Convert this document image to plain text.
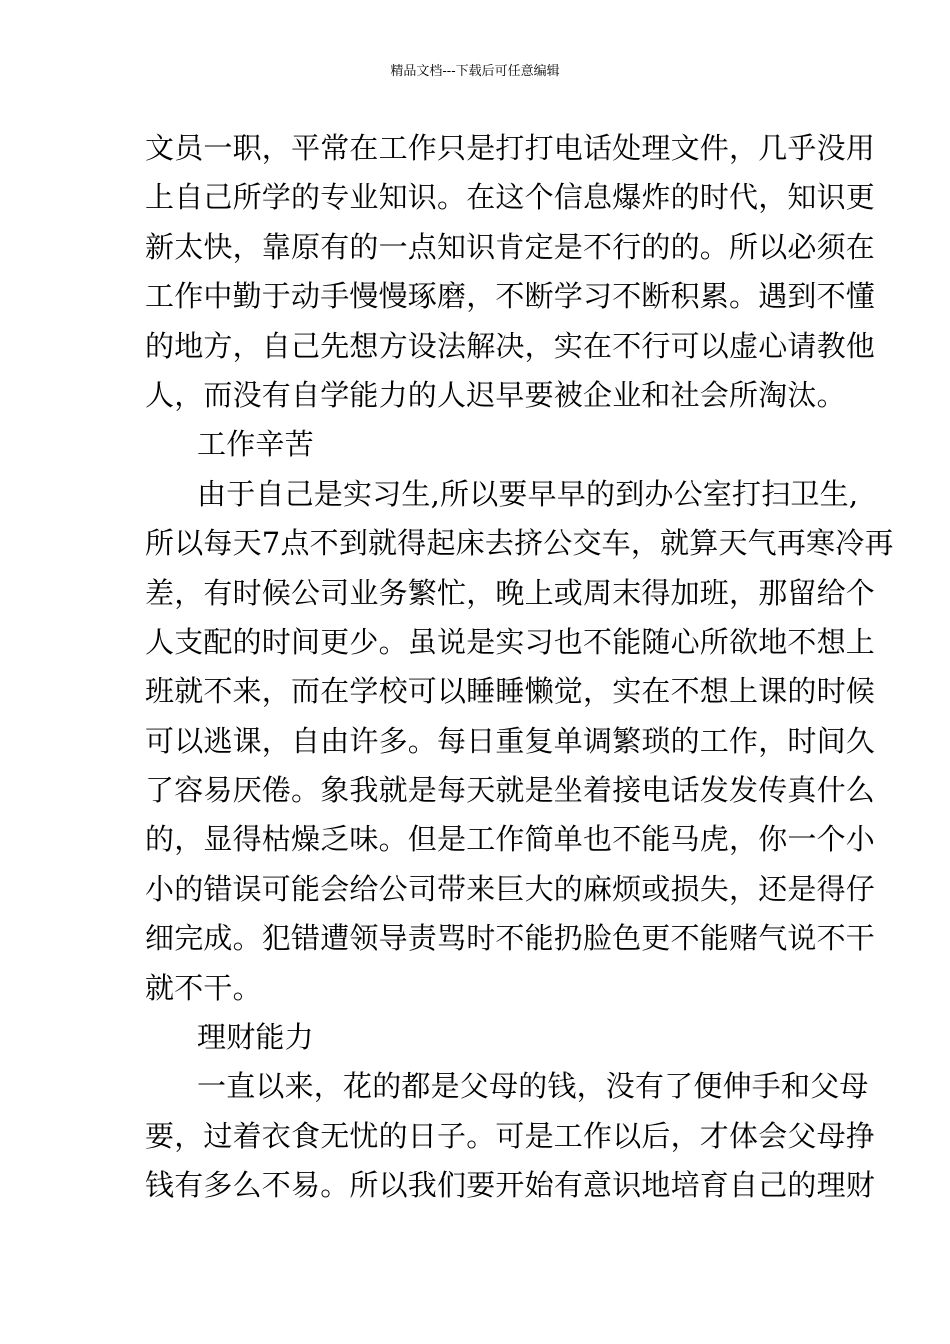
精品文档---下载后可任意编辑
文员一职，平常在工作只是打打电话处理文件，几乎没用
上自己所学的专业知识。在这个信息爆炸的时代，知识更
新太快，靠原有的一点知识肯定是不行的的。所以必须在
工作中勤于动手慢慢琢磨，不断学习不断积累。遇到不懂
的地方，自己先想方设法解决，实在不行可以虚心请教他
人，而没有自学能力的人迟早要被企业和社会所淘汰。
工作辛苦
由于自己是实习生,所以要早早的到办公室打扫卫生,
所以每天7点不到就得起床去挤公交车，就算天气再寒冷再
差，有时候公司业务繁忙，晚上或周末得加班，那留给个
人支配的时间更少。虽说是实习也不能随心所欲地不想上
班就不来，而在学校可以睡睡懒觉，实在不想上课的时候
可以逃课，自由许多。每日重复单调繁琐的工作，时间久
了容易厌倦。象我就是每天就是坐着接电话发发传真什么
的，显得枯燥乏味。但是工作简单也不能马虎，你一个小
小的错误可能会给公司带来巨大的麻烦或损失，还是得仔
细完成。犯错遭领导责骂时不能扔脸色更不能赌气说不干
就不干。
理财能力
一直以来，花的都是父母的钱，没有了便伸手和父母
要，过着衣食无忧的日子。可是工作以后，才体会父母挣
钱有多么不易。所以我们要开始有意识地培育自己的理财
